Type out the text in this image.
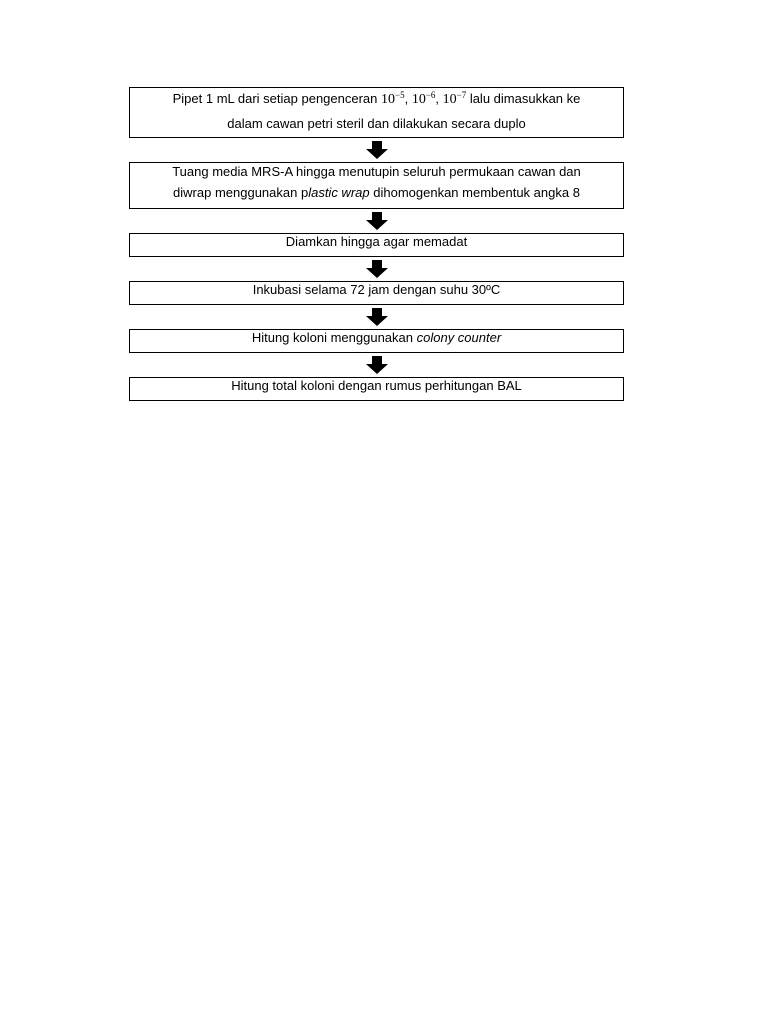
Pipet 1 mL dari setiap pengenceran $10^{-5}$, $10^{-6}$, $10^{-7}$ lalu dimasukkan ke
dalam cawan petri steril dan dilakukan secara duplo
Tuang media MRS-A hingga menutupin seluruh permukaan cawan dan
diwrap menggunakan plastic wrap dihomogenkan membentuk angka 8
Diamkan hingga agar memadat
Inkubasi selama 72 jam dengan suhu 30ºC
Hitung koloni menggunakan colony counter
Hitung total koloni dengan rumus perhitungan BAL
